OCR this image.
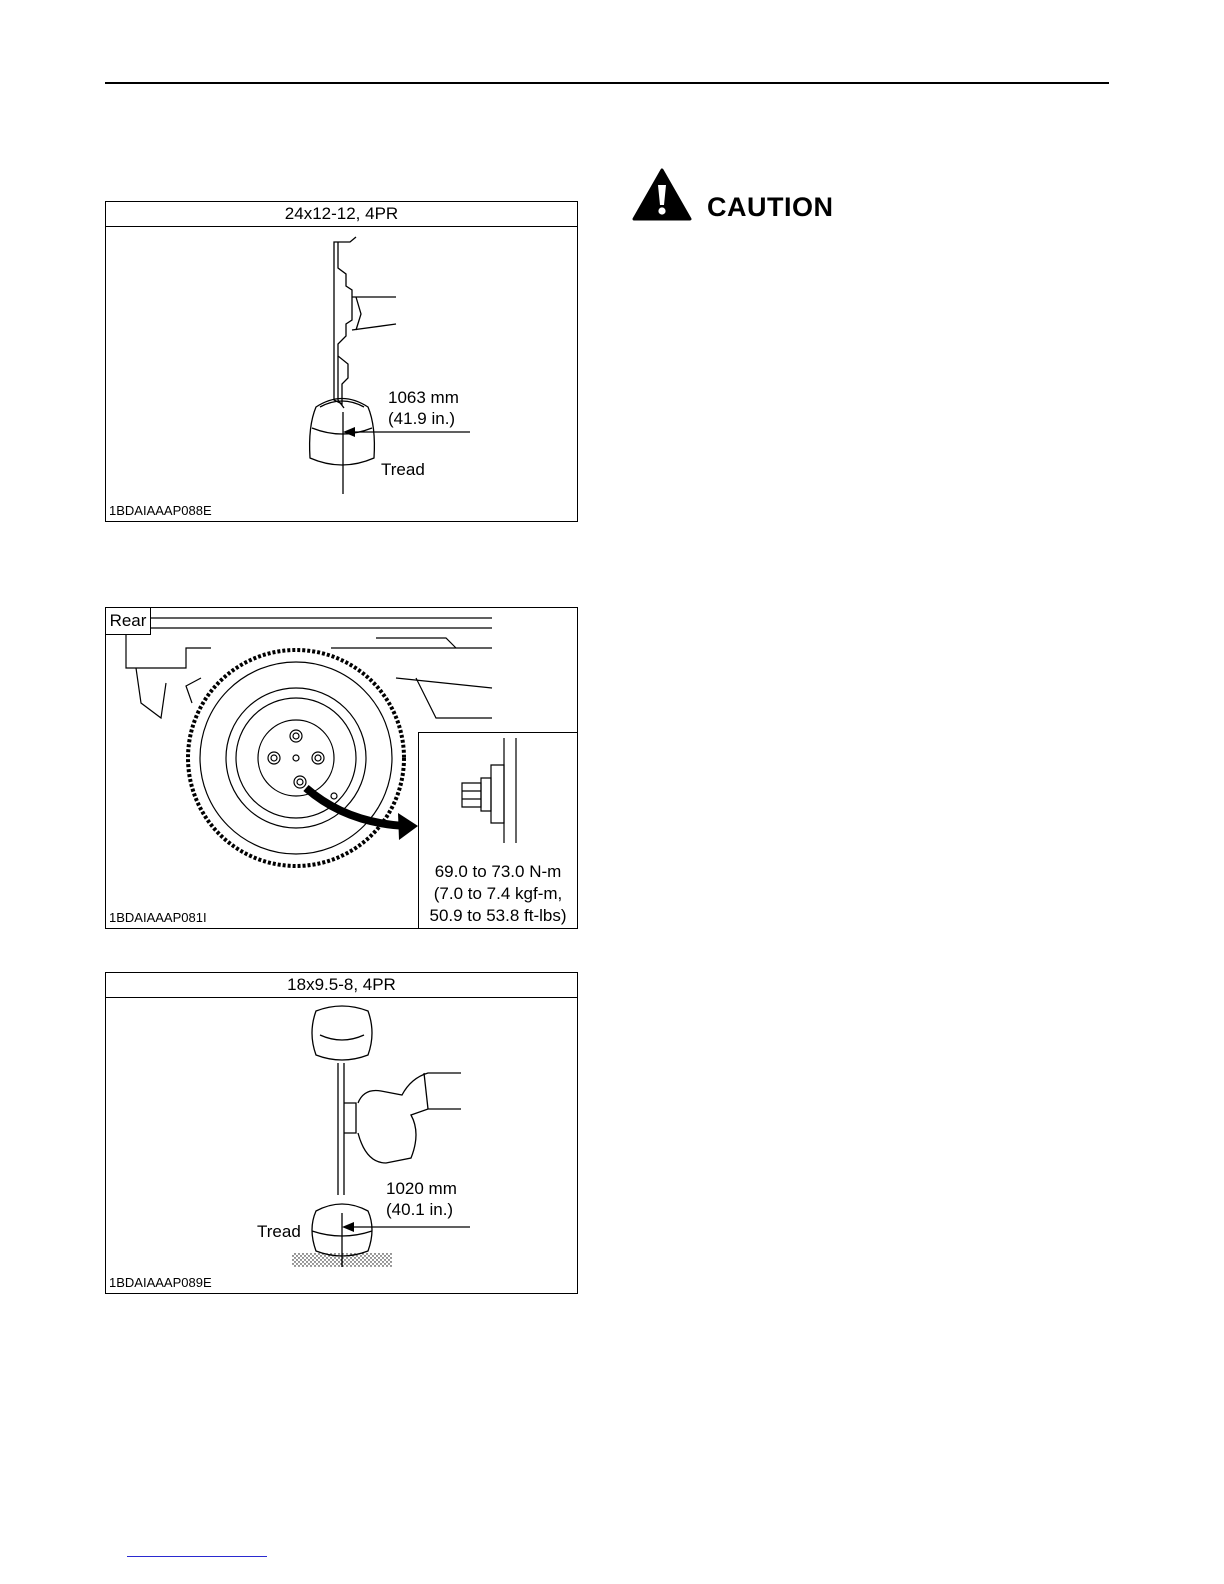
24x12-12, 4PR
1063 mm
(41.9 in.)
Tread
1BDAIAAAP088E
Rear
69.0 to 73.0 N-m
(7.0 to 7.4 kgf-m,
50.9 to 53.8 ft-lbs)
1BDAIAAAP081I
18x9.5-8, 4PR
1020 mm
(40.1 in.)
Tread
1BDAIAAAP089E
CAUTION
